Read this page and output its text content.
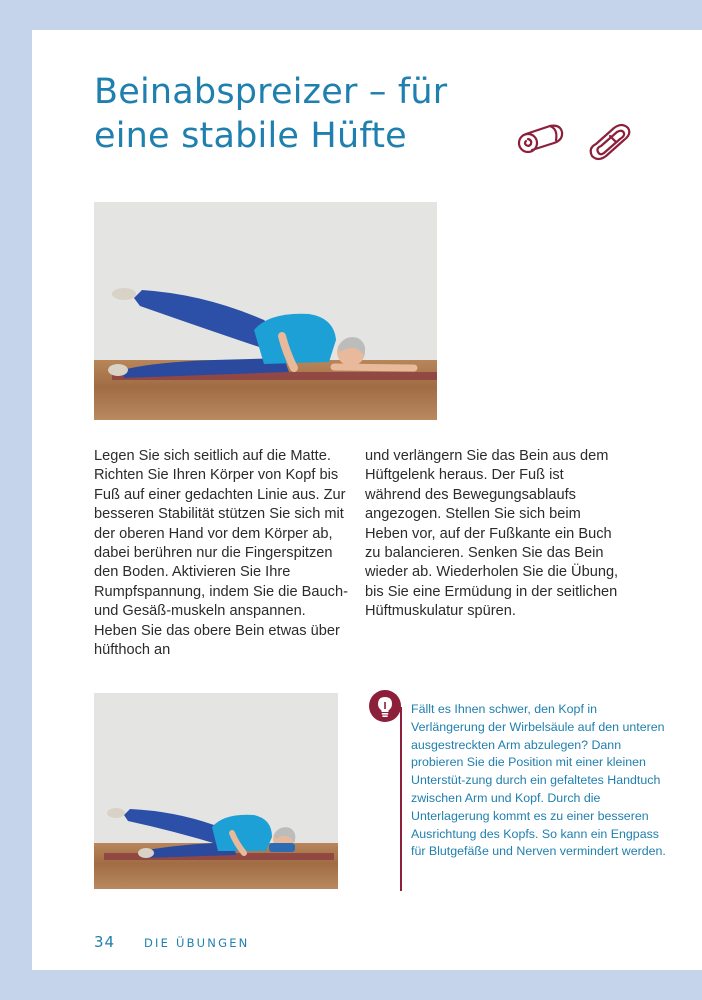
Beinabspreizer – für
eine stabile Hüfte

Legen Sie sich seitlich auf die Matte. Richten Sie Ihren Körper von Kopf bis Fuß auf einer gedachten Linie aus. Zur besseren Stabilität stützen Sie sich mit der oberen Hand vor dem Körper ab, dabei berühren nur die Fingerspitzen den Boden. Aktivieren Sie Ihre Rumpfspannung, indem Sie die Bauch- und Gesäß-muskeln anspannen. Heben Sie das obere Bein etwas über hüfthoch an

und verlängern Sie das Bein aus dem Hüftgelenk heraus. Der Fuß ist während des Bewegungsablaufs angezogen. Stellen Sie sich beim Heben vor, auf der Fußkante ein Buch zu balancieren. Senken Sie das Bein wieder ab. Wiederholen Sie die Übung, bis Sie eine Ermüdung in der seitlichen Hüftmuskulatur spüren.

Fällt es Ihnen schwer, den Kopf in Verlängerung der Wirbelsäule auf den unteren ausgestreckten Arm abzulegen? Dann probieren Sie die Position mit einer kleinen Unterstüt-zung durch ein gefaltetes Handtuch zwischen Arm und Kopf. Durch die Unterlagerung kommt es zu einer besseren Ausrichtung des Kopfs. So kann ein Engpass für Blutgefäße und Nerven vermindert werden.

34	DIE ÜBUNGEN
